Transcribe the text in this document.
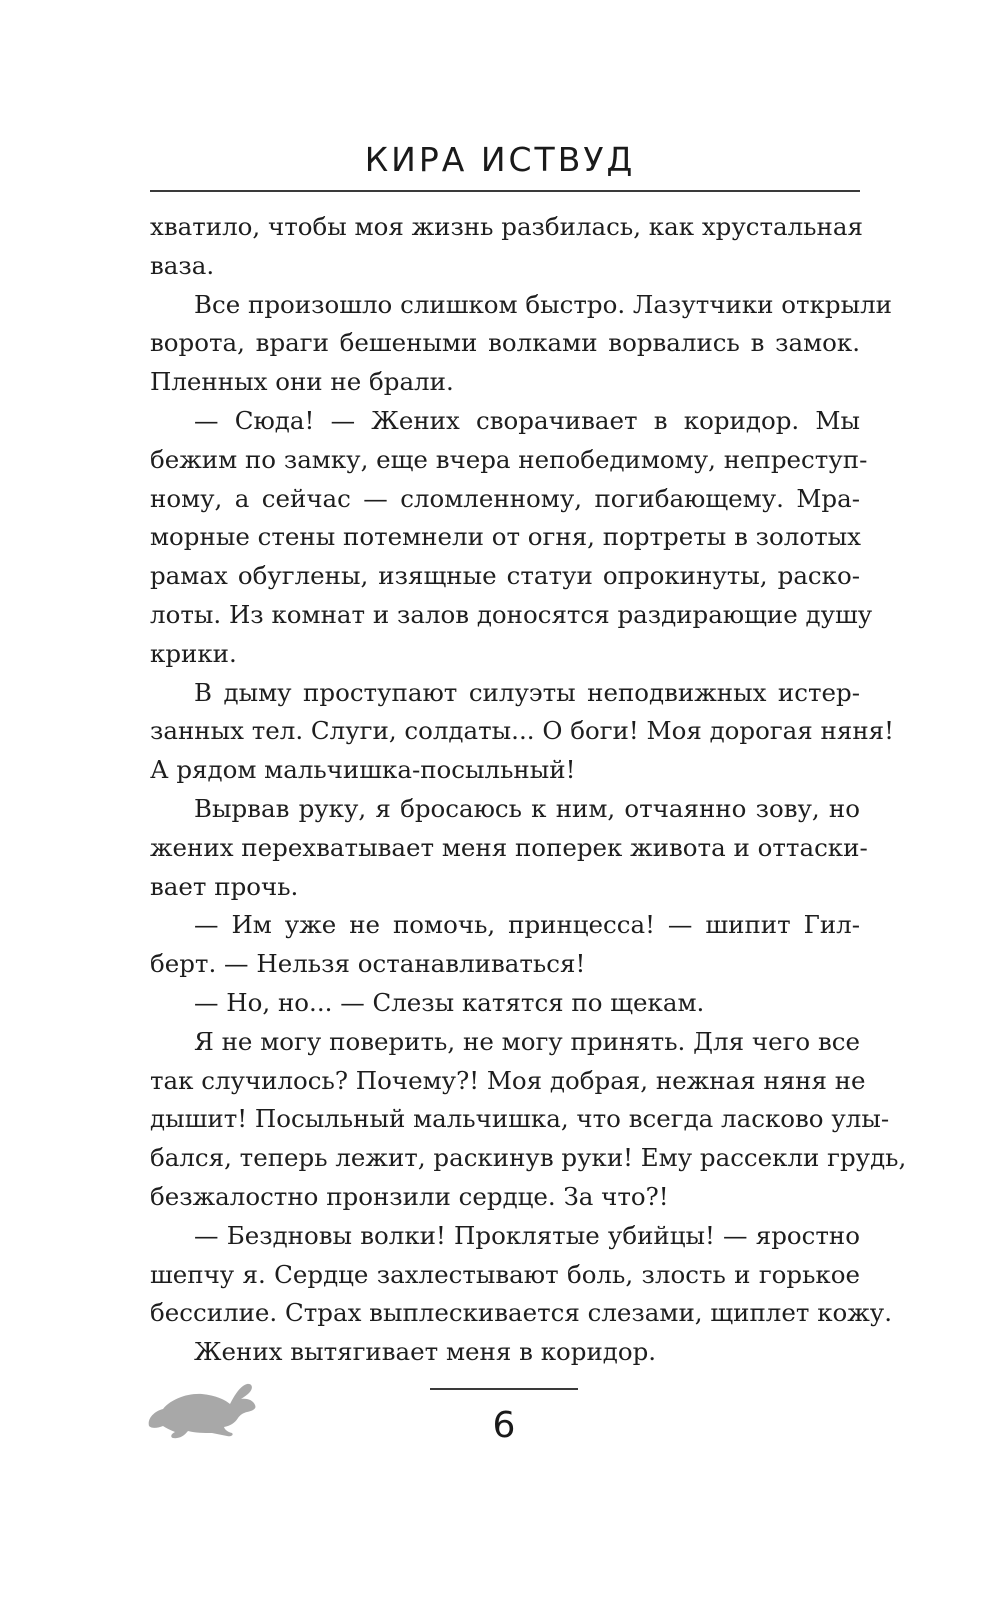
КИРА ИСТВУД
хватило, чтобы моя жизнь разбилась, как хрустальная
ваза.
Все произошло слишком быстро. Лазутчики открыли
ворота, враги бешеными волками ворвались в замок.
Пленных они не брали.
— Сюда! — Жених сворачивает в коридор. Мы
бежим по замку, еще вчера непобедимому, непреступ-
ному, а сейчас — сломленному, погибающему. Мра-
морные стены потемнели от огня, портреты в золотых
рамах обуглены, изящные статуи опрокинуты, раско-
лоты. Из комнат и залов доносятся раздирающие душу
крики.
В дыму проступают силуэты неподвижных истер-
занных тел. Слуги, солдаты... О боги! Моя дорогая няня!
А рядом мальчишка-посыльный!
Вырвав руку, я бросаюсь к ним, отчаянно зову, но
жених перехватывает меня поперек живота и оттаски-
вает прочь.
— Им уже не помочь, принцесса! — шипит Гил-
берт. — Нельзя останавливаться!
— Но, но... — Слезы катятся по щекам.
Я не могу поверить, не могу принять. Для чего все
так случилось? Почему?! Моя добрая, нежная няня не
дышит! Посыльный мальчишка, что всегда ласково улы-
бался, теперь лежит, раскинув руки! Ему рассекли грудь,
безжалостно пронзили сердце. За что?!
— Бездновы волки! Проклятые убийцы! — яростно
шепчу я. Сердце захлестывают боль, злость и горькое
бессилие. Страх выплескивается слезами, щиплет кожу.
Жених вытягивает меня в коридор.
6
